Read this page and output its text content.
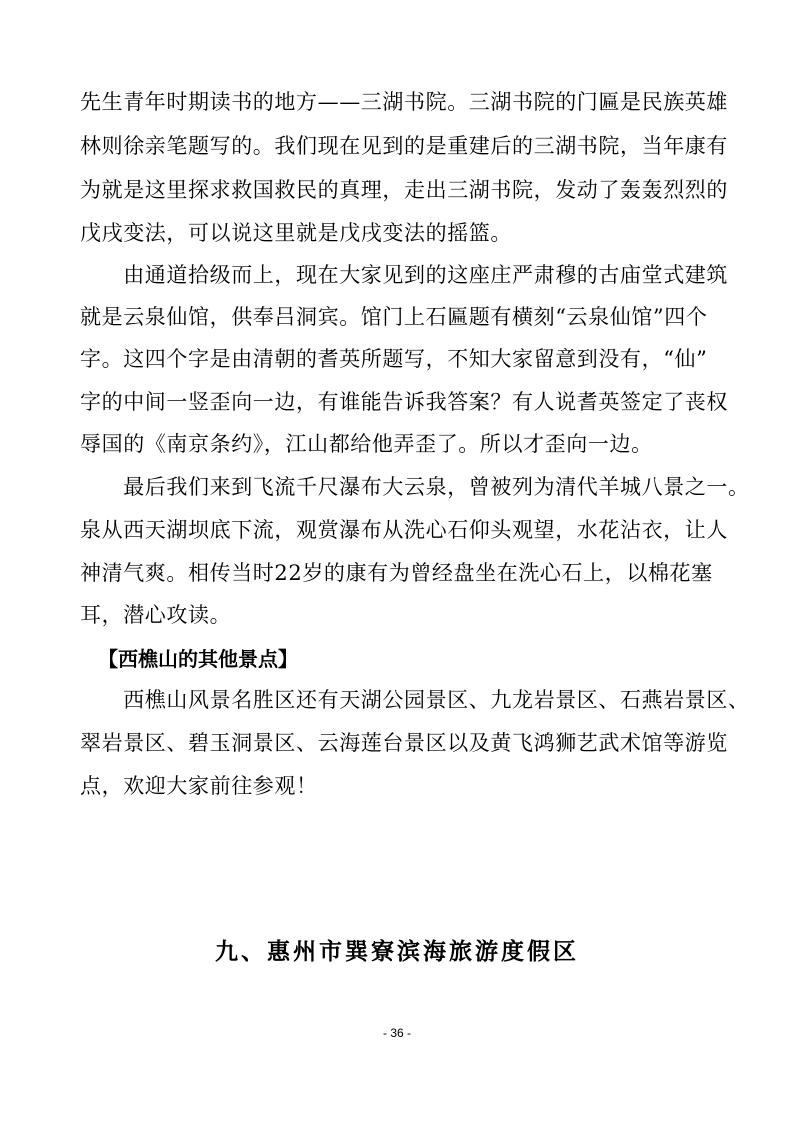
先生青年时期读书的地方——三湖书院。三湖书院的门匾是民族英雄
林则徐亲笔题写的。我们现在见到的是重建后的三湖书院，当年康有
为就是这里探求救国救民的真理，走出三湖书院，发动了轰轰烈烈的
戊戌变法，可以说这里就是戊戌变法的摇篮。
　　由通道拾级而上，现在大家见到的这座庄严肃穆的古庙堂式建筑
就是云泉仙馆，供奉吕洞宾。馆门上石匾题有横刻“云泉仙馆”四个
字。这四个字是由清朝的耆英所题写，不知大家留意到没有，“仙”
字的中间一竖歪向一边，有谁能告诉我答案？有人说耆英签定了丧权
辱国的《南京条约》，江山都给他弄歪了。所以才歪向一边。
　　最后我们来到飞流千尺瀑布大云泉，曾被列为清代羊城八景之一。
泉从西天湖坝底下流，观赏瀑布从洗心石仰头观望，水花沾衣，让人
神清气爽。相传当时22岁的康有为曾经盘坐在洗心石上，以棉花塞
耳，潜心攻读。
【西樵山的其他景点】
　　西樵山风景名胜区还有天湖公园景区、九龙岩景区、石燕岩景区、
翠岩景区、碧玉洞景区、云海莲台景区以及黄飞鸿狮艺武术馆等游览
点，欢迎大家前往参观！
九、惠州市巽寮滨海旅游度假区
- 36 -
